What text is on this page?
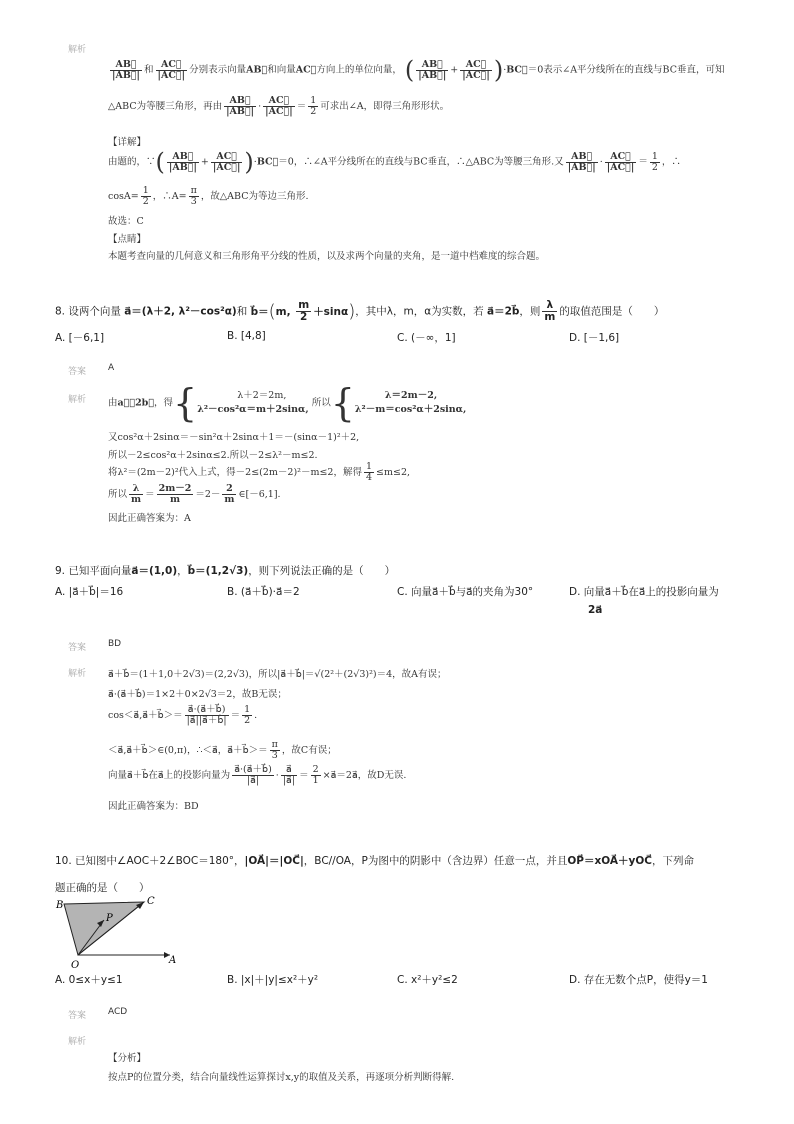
解析
$\frac{AB⃗}{|AB⃗|}$ 和 $\frac{AC⃗}{|AC⃗|}$ 分别表示向量AB⃗和向量AC⃗方向上的单位向量， ( $\frac{AB⃗}{|AB⃗|} + \frac{AC⃗}{|AC⃗|}$ )·BC⃗＝0表示∠A平分线所在的直线与BC垂直，可知
△ABC为等腰三角形，再由 $\frac{AB⃗}{|AB⃗|} \cdot \frac{AC⃗}{|AC⃗|} = \frac{1}{2}$ 可求出∠A，即得三角形形状。
【详解】
由题的，∵( $\frac{AB⃗}{|AB⃗|} + \frac{AC⃗}{|AC⃗|}$ )·BC⃗＝0，∴∠A平分线所在的直线与BC垂直，∴△ABC为等腰三角形.又 $\frac{AB⃗}{|AB⃗|} \cdot \frac{AC⃗}{|AC⃗|} = \frac{1}{2}$ ，∴
$\cos A= \frac{1}{2}$ ，∴A= $\frac{\pi}{3}$ ，故△ABC为等边三角形.
故选：C
【点睛】
本题考查向量的几何意义和三角形角平分线的性质，以及求两个向量的夹角，是一道中档难度的综合题。
8. 设两个向量 a⃗＝(λ＋2, λ²－cos²α)和 b⃗＝(m, $\frac{m}{2} +\sin\alpha$)，其中λ，m，α为实数，若 a⃗＝2b⃗，则 $\frac{\lambda}{m}$ 的取值范围是（　　）
A. [－6,1]	B. [4,8]	C. (－∞，1]	D. [－1,6]
答案 A
解析 由a⃗＝2b⃗，得{	λ＋2＝2m,
λ²－cos²α＝m＋2sinα,
所以{	λ＝2m－2,
λ²－m＝cos²α＋2sinα,
又cos²α＋2sinα＝－sin²α＋2sinα＋1＝－(sinα－1)²＋2,
所以－2≤cos²α＋2sinα≤2.所以－2≤λ²－m≤2.
将λ²＝(2m－2)²代入上式，得－2≤(2m－2)²－m≤2，解得 $\frac{1}{4} \le m\le 2$,
所以 $\frac{\lambda}{m} = \frac{2m-2}{m} =2- \frac{2}{m}$ ∈[－6,1].
因此正确答案为：A
9. 已知平面向量a⃗＝(1,0)，b⃗＝(1,2√3)，则下列说法正确的是（　　）
A. |a⃗＋b⃗|＝16	B. (a⃗＋b⃗)·a⃗＝2	C. 向量a⃗＋b⃗与a⃗的夹角为30°	D. 向量a⃗＋b⃗在a⃗上的投影向量为
2a⃗
答案 BD
解析 a⃗＋b⃗＝(1＋1,0＋2√3)＝(2,2√3)，所以|a⃗＋b⃗|＝√(2²＋(2√3)²)＝4，故A有误；
a⃗·(a⃗＋b⃗)＝1×2＋0×2√3＝2，故B无误；
cos＜a⃗,a⃗＋b⃗＞＝ $\frac{a⃗\cdot(a⃗+b⃗)}{|a⃗||a⃗+b⃗|} = \frac{1}{2}$ .
＜a⃗,a⃗＋b⃗＞∈(0,π)，∴＜a⃗，a⃗＋b⃗＞＝ $\frac{\pi}{3}$ ，故C有误；
向量a⃗＋b⃗在a⃗上的投影向量为 $\frac{a⃗\cdot(a⃗+b⃗)}{|a⃗|} \cdot \frac{a⃗}{|a⃗|} = \frac{2}{1}$ ×a⃗＝2a⃗，故D无误.
因此正确答案为：BD
10. 已知图中∠AOC＋2∠BOC＝180°，|OA⃗|＝|OC⃗|，BC//OA，P为图中的阴影中（含边界）任意一点，并且OP⃗＝xOA⃗＋yOC⃗，下列命
题正确的是（　　）
B	C
P
O	A
A. 0≤x＋y≤1	B. |x|＋|y|≤x²＋y²	C. x²＋y²≤2	D. 存在无数个点P，使得y＝1
答案 ACD
解析
【分析】
按点P的位置分类，结合向量线性运算探讨x,y的取值及关系，再逐项分析判断得解.
